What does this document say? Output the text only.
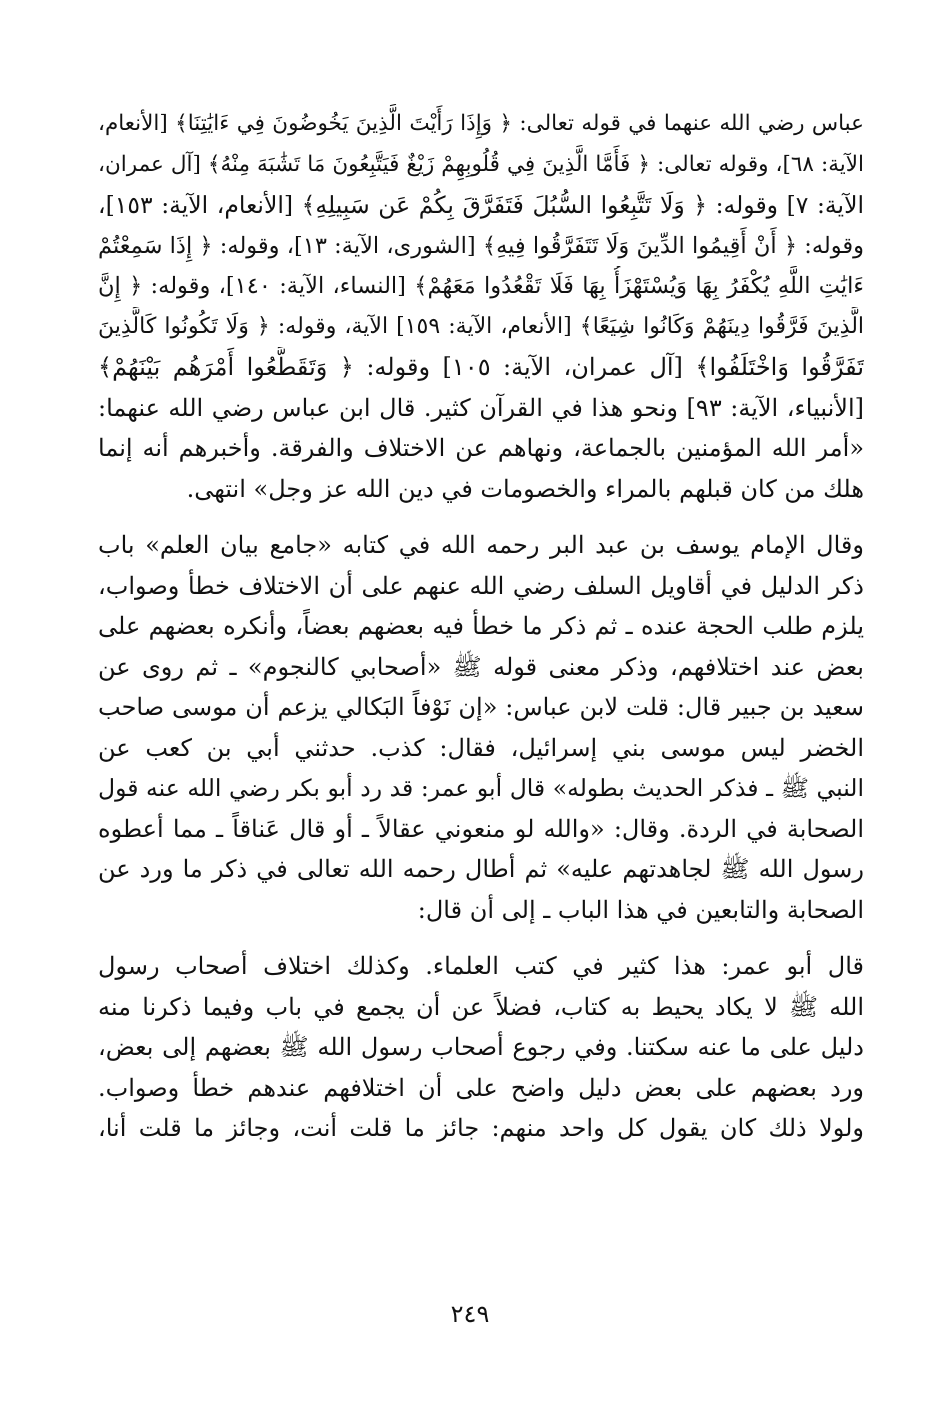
عباس رضي الله عنهما في قوله تعالى: ﴿ وَإِذَا رَأَيْتَ الَّذِينَ يَخُوضُونَ فِي ءَايَٰتِنَا﴾ [الأنعام،
الآية: ٦٨]، وقوله تعالى: ﴿ فَأَمَّا الَّذِينَ فِي قُلُوبِهِمْ زَيْغٌ فَيَتَّبِعُونَ مَا تَشَٰبَهَ مِنْهُ﴾ [آل عمران،
الآية: ٧] وقوله: ﴿ وَلَا تَتَّبِعُوا السُّبُلَ فَتَفَرَّقَ بِكُمْ عَن سَبِيلِهِ﴾ [الأنعام، الآية: ١٥٣]،
وقوله: ﴿ أَنْ أَقِيمُوا الدِّينَ وَلَا تَتَفَرَّقُوا فِيهِ﴾ [الشورى، الآية: ١٣]، وقوله: ﴿ إِذَا سَمِعْتُمْ
ءَايَٰتِ اللَّهِ يُكْفَرُ بِهَا وَيُسْتَهْزَأُ بِهَا فَلَا تَقْعُدُوا مَعَهُمْ﴾ [النساء، الآية: ١٤٠]، وقوله: ﴿ إِنَّ
الَّذِينَ فَرَّقُوا دِينَهُمْ وَكَانُوا شِيَعًا﴾ [الأنعام، الآية: ١٥٩] الآية، وقوله: ﴿ وَلَا تَكُونُوا كَالَّذِينَ
تَفَرَّقُوا وَاخْتَلَفُوا﴾ [آل عمران، الآية: ١٠٥] وقوله: ﴿ وَتَقَطَّعُوا أَمْرَهُم بَيْنَهُمْ﴾
[الأنبياء، الآية: ٩٣] ونحو هذا في القرآن كثير. قال ابن عباس رضي الله عنهما:
«أمر الله المؤمنين بالجماعة، ونهاهم عن الاختلاف والفرقة. وأخبرهم أنه إنما
هلك من كان قبلهم بالمراء والخصومات في دين الله عز وجل» انتهى.
وقال الإمام يوسف بن عبد البر رحمه الله في كتابه «جامع بيان العلم» باب
ذكر الدليل في أقاويل السلف رضي الله عنهم على أن الاختلاف خطأ وصواب،
يلزم طلب الحجة عنده ـ ثم ذكر ما خطأ فيه بعضهم بعضاً، وأنكره بعضهم على
بعض عند اختلافهم، وذكر معنى قوله ﷺ «أصحابي كالنجوم» ـ ثم روى عن
سعيد بن جبير قال: قلت لابن عباس: «إن نَوْفاً البَكالي يزعم أن موسى صاحب
الخضر ليس موسى بني إسرائيل، فقال: كذب. حدثني أبي بن كعب عن
النبي ﷺ ـ فذكر الحديث بطوله» قال أبو عمر: قد رد أبو بكر رضي الله عنه قول
الصحابة في الردة. وقال: «والله لو منعوني عقالاً ـ أو قال عَناقاً ـ مما أعطوه
رسول الله ﷺ لجاهدتهم عليه» ثم أطال رحمه الله تعالى في ذكر ما ورد عن
الصحابة والتابعين في هذا الباب ـ إلى أن قال:
قال أبو عمر: هذا كثير في كتب العلماء. وكذلك اختلاف أصحاب رسول
الله ﷺ لا يكاد يحيط به كتاب، فضلاً عن أن يجمع في باب وفيما ذكرنا منه
دليل على ما عنه سكتنا. وفي رجوع أصحاب رسول الله ﷺ بعضهم إلى بعض،
ورد بعضهم على بعض دليل واضح على أن اختلافهم عندهم خطأ وصواب.
ولولا ذلك كان يقول كل واحد منهم: جائز ما قلت أنت، وجائز ما قلت أنا،
٢٤٩
